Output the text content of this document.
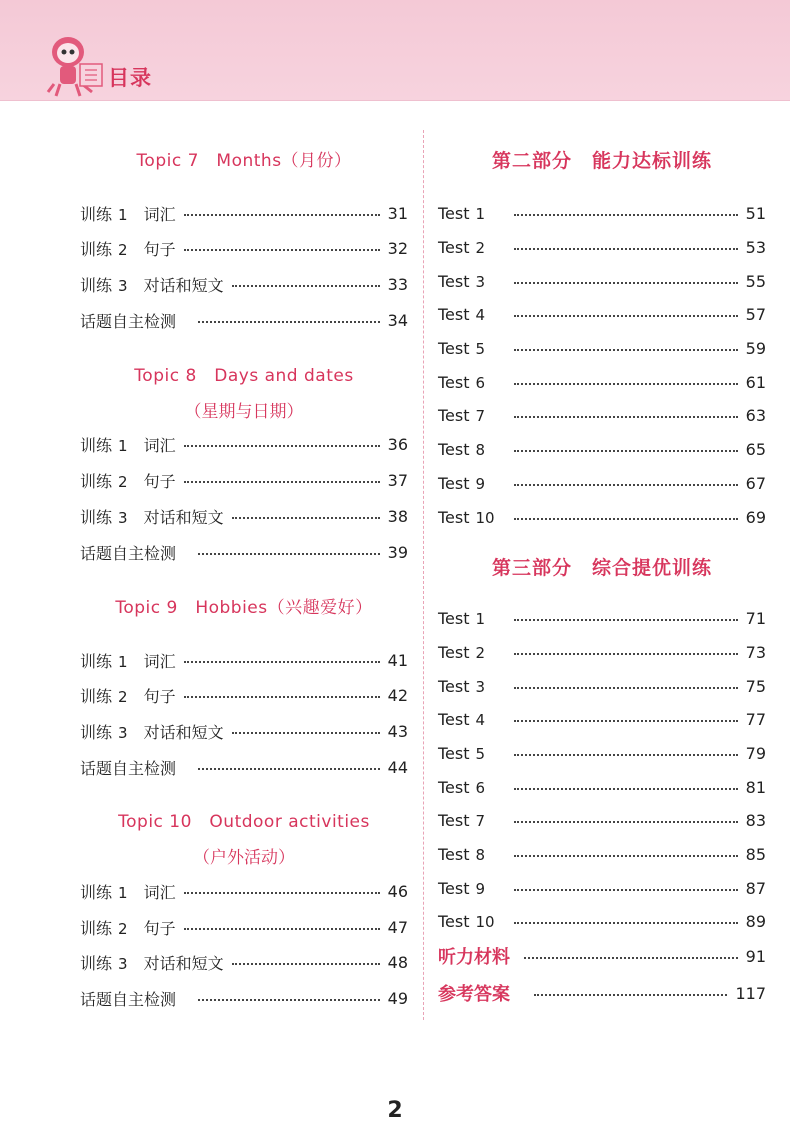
目录
Topic 7　Months（月份）
训练 1 词汇	31
训练 2 句子	32
训练 3 对话和短文	33
话题自主检测	34
Topic 8　Days and dates
（星期与日期）
训练 1 词汇	36
训练 2 句子	37
训练 3 对话和短文	38
话题自主检测	39
Topic 9　Hobbies（兴趣爱好）
训练 1 词汇	41
训练 2 句子	42
训练 3 对话和短文	43
话题自主检测	44
Topic 10　Outdoor activities
（户外活动）
训练 1 词汇	46
训练 2 句子	47
训练 3 对话和短文	48
话题自主检测	49
第二部分　能力达标训练
Test 1	51
Test 2	53
Test 3	55
Test 4	57
Test 5	59
Test 6	61
Test 7	63
Test 8	65
Test 9	67
Test 10	69
第三部分　综合提优训练
Test 1	71
Test 2	73
Test 3	75
Test 4	77
Test 5	79
Test 6	81
Test 7	83
Test 8	85
Test 9	87
Test 10	89
听力材料	91
参考答案	117
2
